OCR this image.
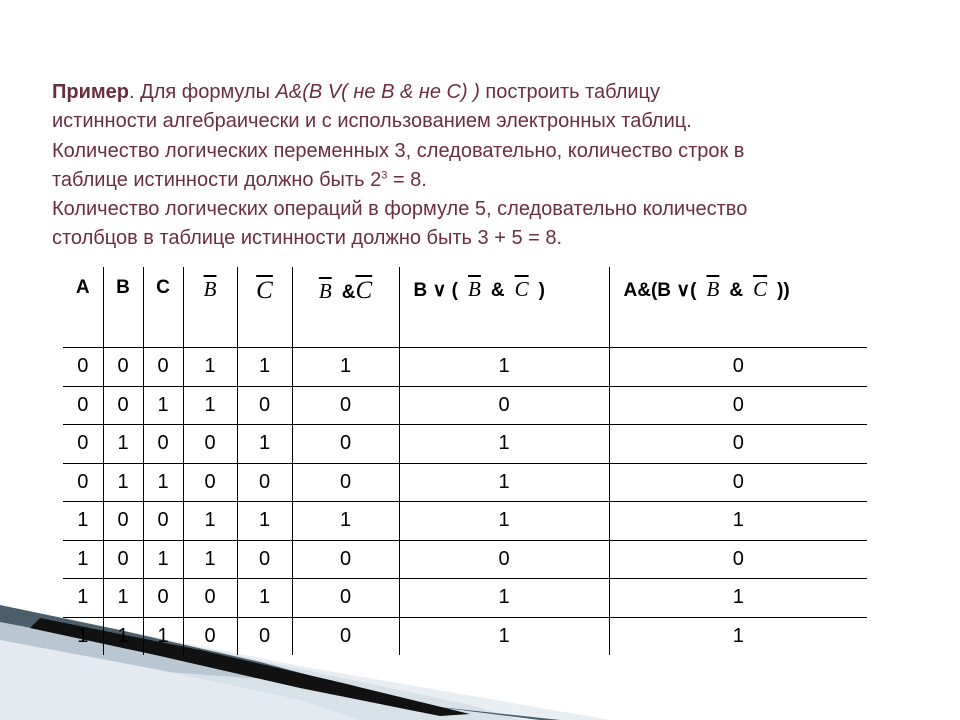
Пример. Для формулы A&(B V( не B & не C) ) построить таблицу
истинности алгебраически и с использованием электронных таблиц.
Количество логических переменных 3, следовательно, количество строк в
таблице истинности должно быть $2^3 = 8$.
Количество логических операций в формуле 5, следовательно количество
столбцов в таблице истинности должно быть 3 + 5 = 8.
A	B	C	$\overline{B}$	$\overline{C}$	$\overline{B}$ $\&\overline{C}$	B ∨ ( $\overline{B}$ & $\overline{C}$ )	A&(B ∨( $\overline{B}$ & $\overline{C}$ ))
0	0	0	1	1	1	1	0
0	0	1	1	0	0	0	0
0	1	0	0	1	0	1	0
0	1	1	0	0	0	1	0
1	0	0	1	1	1	1	1
1	0	1	1	0	0	0	0
1	1	0	0	1	0	1	1
1	1	1	0	0	0	1	1
